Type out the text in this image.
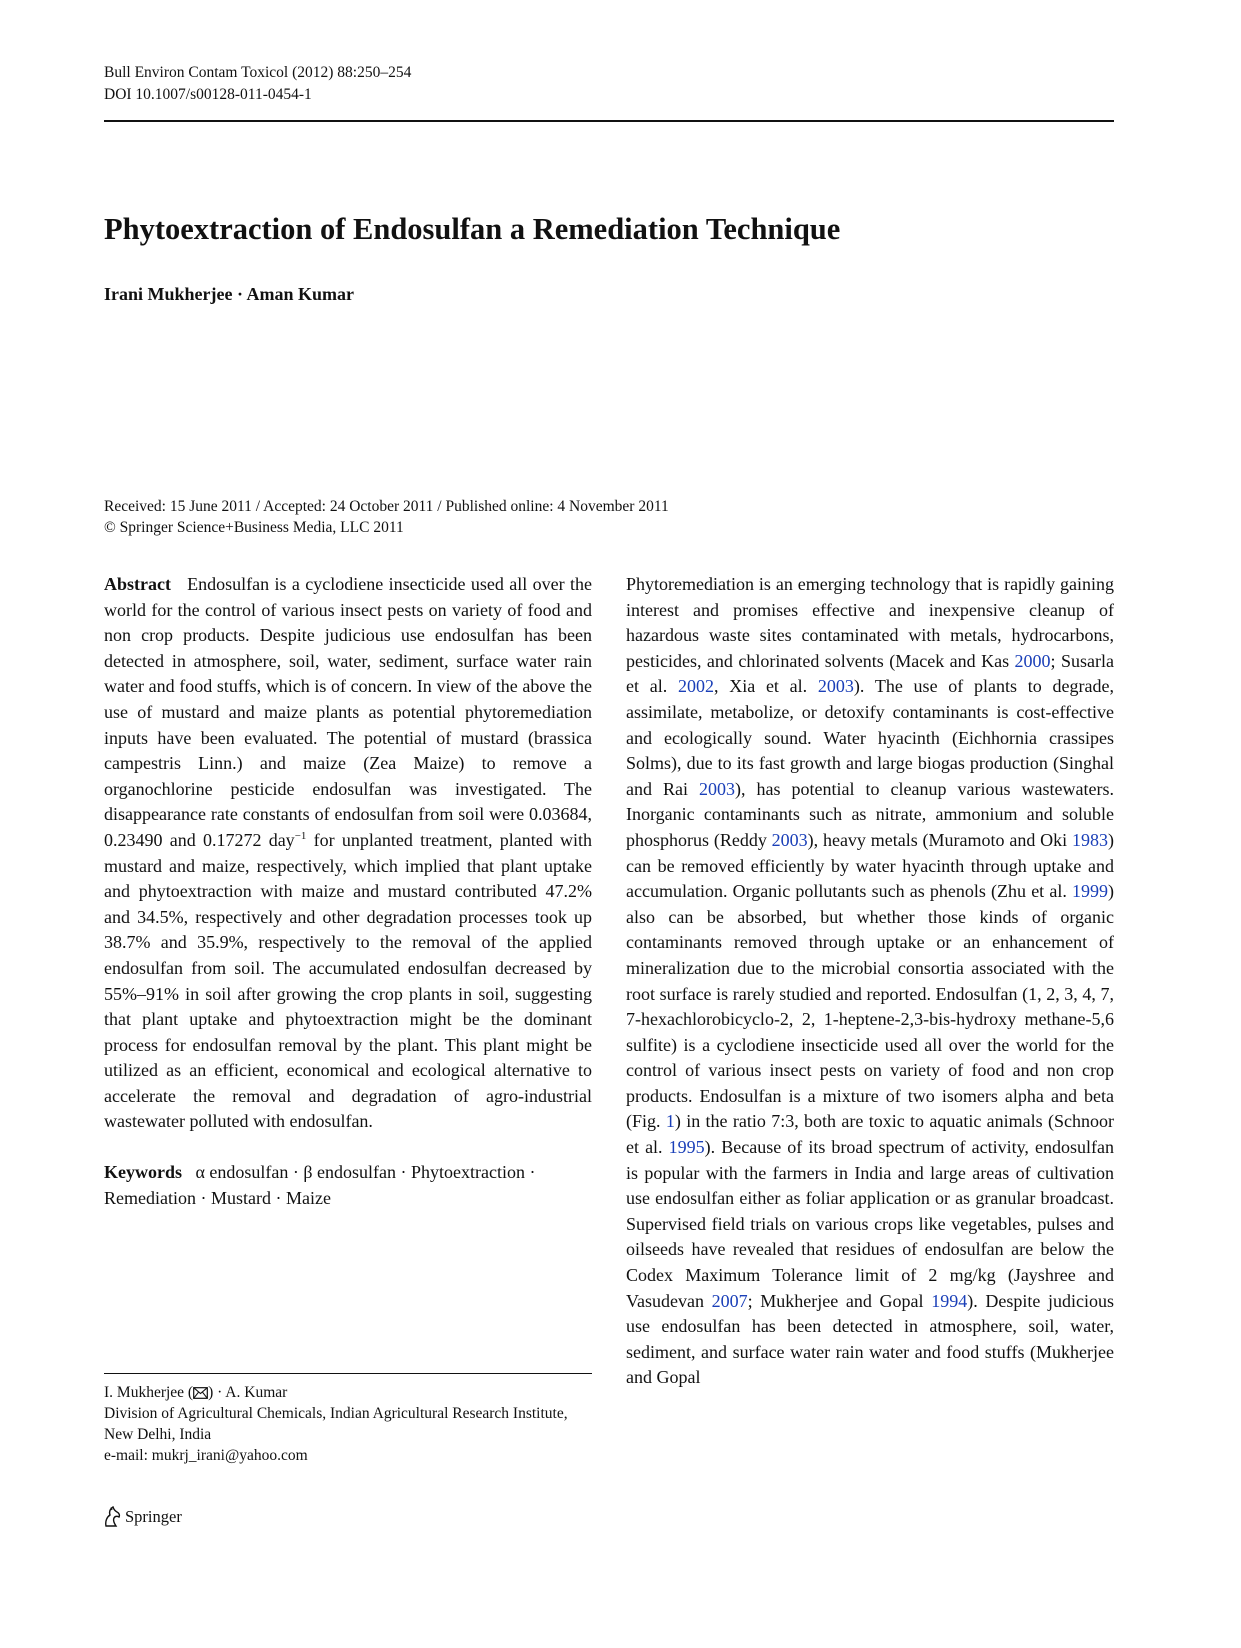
Bull Environ Contam Toxicol (2012) 88:250–254
DOI 10.1007/s00128-011-0454-1
Phytoextraction of Endosulfan a Remediation Technique
Irani Mukherjee · Aman Kumar
Received: 15 June 2011 / Accepted: 24 October 2011 / Published online: 4 November 2011
© Springer Science+Business Media, LLC 2011

Abstract Endosulfan is a cyclodiene insecticide used all over the world for the control of various insect pests on variety of food and non crop products. Despite judicious use endosulfan has been detected in atmosphere, soil, water, sediment, surface water rain water and food stuffs, which is of concern. In view of the above the use of mustard and maize plants as potential phytoremediation inputs have been evaluated. The potential of mustard (brassica campestris Linn.) and maize (Zea Maize) to remove a organochlorine pesticide endosulfan was investigated. The disappearance rate constants of endosulfan from soil were 0.03684, 0.23490 and 0.17272 day$^{-1}$ for unplanted treatment, planted with mustard and maize, respectively, which implied that plant uptake and phytoextraction with maize and mustard contributed 47.2% and 34.5%, respectively and other degradation processes took up 38.7% and 35.9%, respectively to the removal of the applied endosulfan from soil. The accumulated endosulfan decreased by 55%–91% in soil after growing the crop plants in soil, suggesting that plant uptake and phytoextraction might be the dominant process for endosulfan removal by the plant. This plant might be utilized as an efficient, economical and ecological alternative to accelerate the removal and degradation of agro-industrial wastewater polluted with endosulfan.

Keywords α endosulfan · β endosulfan · Phytoextraction · Remediation · Mustard · Maize

I. Mukherjee ( ) · A. Kumar
Division of Agricultural Chemicals, Indian Agricultural Research Institute, New Delhi, India
e-mail: mukrj_irani@yahoo.com

Phytoremediation is an emerging technology that is rapidly gaining interest and promises effective and inexpensive cleanup of hazardous waste sites contaminated with metals, hydrocarbons, pesticides, and chlorinated solvents (Macek and Kas 2000; Susarla et al. 2002, Xia et al. 2003). The use of plants to degrade, assimilate, metabolize, or detoxify contaminants is cost-effective and ecologically sound. Water hyacinth (Eichhornia crassipes Solms), due to its fast growth and large biogas production (Singhal and Rai 2003), has potential to cleanup various wastewaters. Inorganic contaminants such as nitrate, ammonium and soluble phosphorus (Reddy 2003), heavy metals (Muramoto and Oki 1983) can be removed efficiently by water hyacinth through uptake and accumulation. Organic pollutants such as phenols (Zhu et al. 1999) also can be absorbed, but whether those kinds of organic contaminants removed through uptake or an enhancement of mineralization due to the microbial consortia associated with the root surface is rarely studied and reported. Endosulfan (1, 2, 3, 4, 7, 7-hexachlorobicyclo-2, 2, 1-heptene-2,3-bis-hydroxy methane-5,6 sulfite) is a cyclodiene insecticide used all over the world for the control of various insect pests on variety of food and non crop products. Endosulfan is a mixture of two isomers alpha and beta (Fig. 1) in the ratio 7:3, both are toxic to aquatic animals (Schnoor et al. 1995). Because of its broad spectrum of activity, endosulfan is popular with the farmers in India and large areas of cultivation use endosulfan either as foliar application or as granular broadcast. Supervised field trials on various crops like vegetables, pulses and oilseeds have revealed that residues of endosulfan are below the Codex Maximum Tolerance limit of 2 mg/kg (Jayshree and Vasudevan 2007; Mukherjee and Gopal 1994). Despite judicious use endosulfan has been detected in atmosphere, soil, water, sediment, and surface water rain water and food stuffs (Mukherjee and Gopal

Springer
